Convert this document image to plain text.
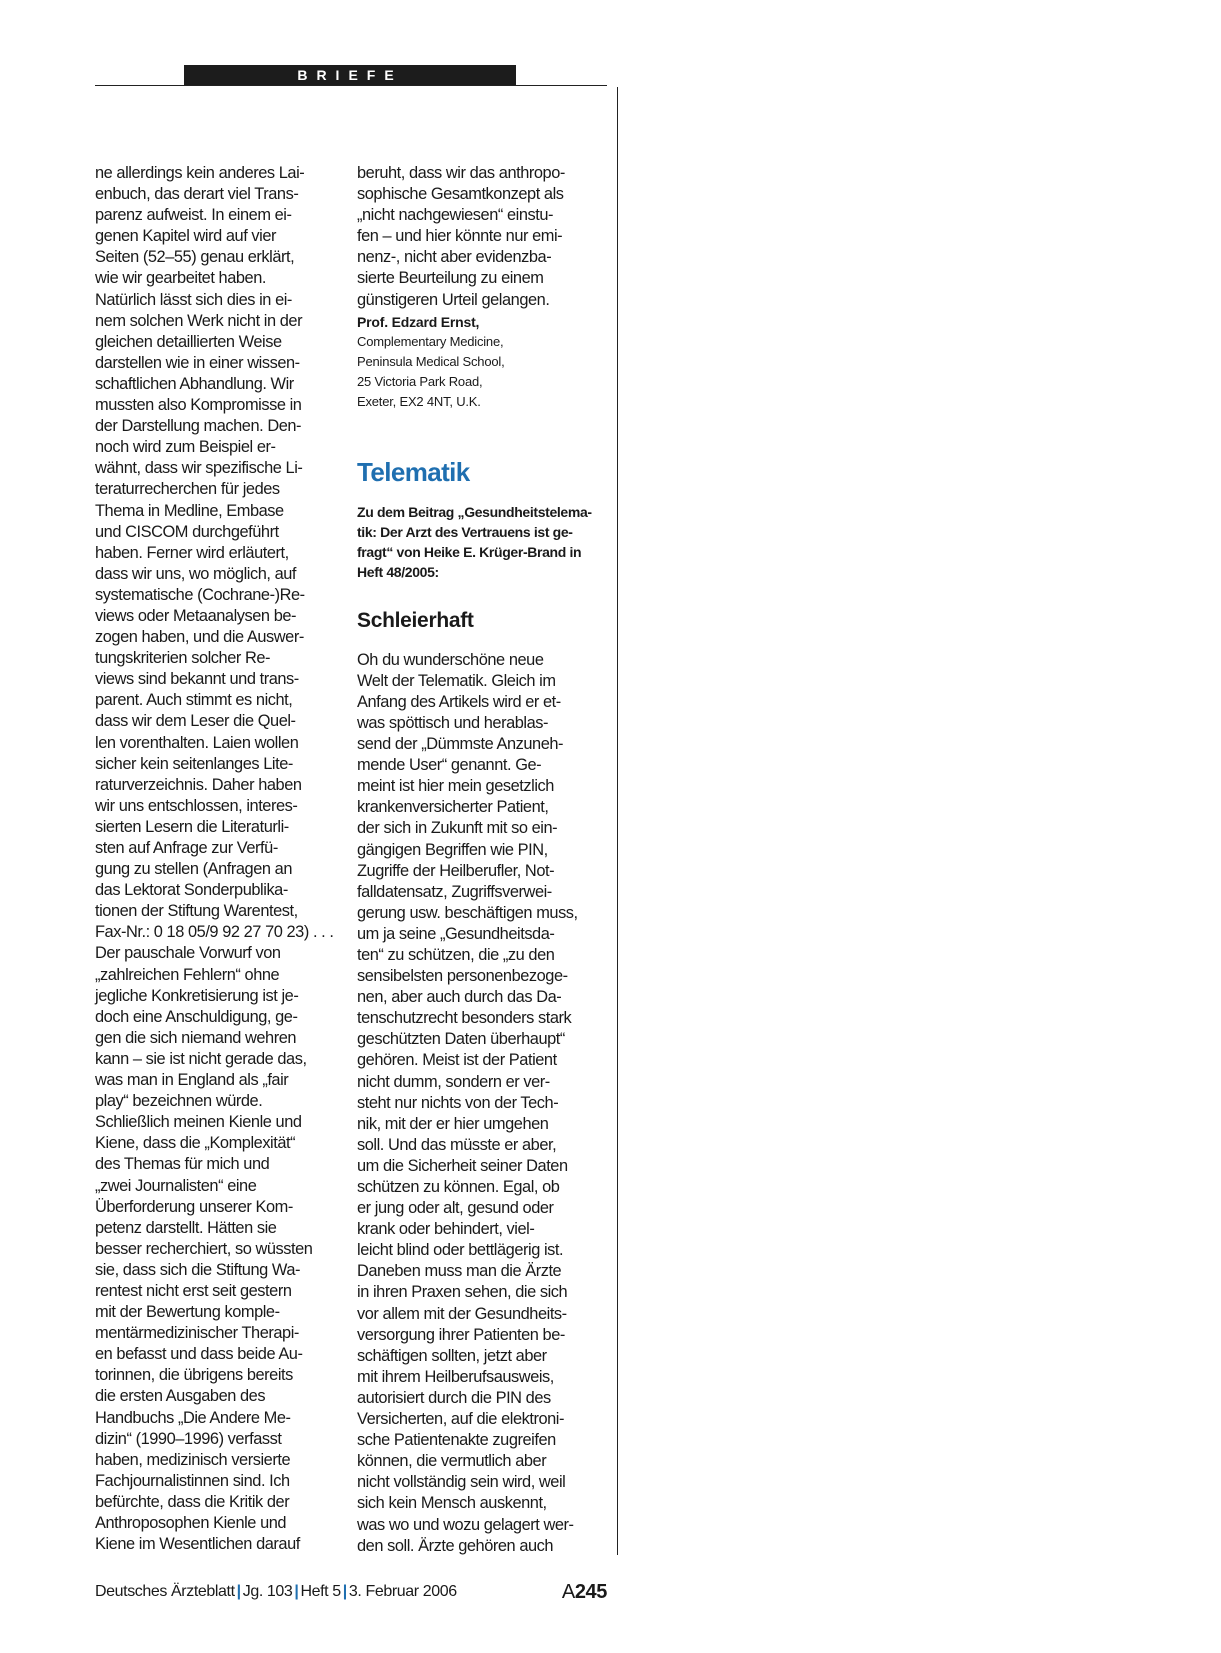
BRIEFE
ne allerdings kein anderes Lai-
enbuch, das derart viel Trans-
parenz aufweist. In einem ei-
genen Kapitel wird auf vier
Seiten (52–55) genau erklärt,
wie wir gearbeitet haben.
Natürlich lässt sich dies in ei-
nem solchen Werk nicht in der
gleichen detaillierten Weise
darstellen wie in einer wissen-
schaftlichen Abhandlung. Wir
mussten also Kompromisse in
der Darstellung machen. Den-
noch wird zum Beispiel er-
wähnt, dass wir spezifische Li-
teraturrecherchen für jedes
Thema in Medline, Embase
und CISCOM durchgeführt
haben. Ferner wird erläutert,
dass wir uns, wo möglich, auf
systematische (Cochrane-)Re-
views oder Metaanalysen be-
zogen haben, und die Auswer-
tungskriterien solcher Re-
views sind bekannt und trans-
parent. Auch stimmt es nicht,
dass wir dem Leser die Quel-
len vorenthalten. Laien wollen
sicher kein seitenlanges Lite-
raturverzeichnis. Daher haben
wir uns entschlossen, interes-
sierten Lesern die Literaturli-
sten auf Anfrage zur Verfü-
gung zu stellen (Anfragen an
das Lektorat Sonderpublika-
tionen der Stiftung Warentest,
Fax-Nr.: 0 18 05/9 92 27 70 23) . . .
Der pauschale Vorwurf von
„zahlreichen Fehlern“ ohne
jegliche Konkretisierung ist je-
doch eine Anschuldigung, ge-
gen die sich niemand wehren
kann – sie ist nicht gerade das,
was man in England als „fair
play“ bezeichnen würde.
Schließlich meinen Kienle und
Kiene, dass die „Komplexität“
des Themas für mich und
„zwei Journalisten“ eine
Überforderung unserer Kom-
petenz darstellt. Hätten sie
besser recherchiert, so wüssten
sie, dass sich die Stiftung Wa-
rentest nicht erst seit gestern
mit der Bewertung komple-
mentärmedizinischer Therapi-
en befasst und dass beide Au-
torinnen, die übrigens bereits
die ersten Ausgaben des
Handbuchs „Die Andere Me-
dizin“ (1990–1996) verfasst
haben, medizinisch versierte
Fachjournalistinnen sind. Ich
befürchte, dass die Kritik der
Anthroposophen Kienle und
Kiene im Wesentlichen darauf
beruht, dass wir das anthropo-
sophische Gesamtkonzept als
„nicht nachgewiesen“ einstu-
fen – und hier könnte nur emi-
nenz-, nicht aber evidenzba-
sierte Beurteilung zu einem
günstigeren Urteil gelangen.
Prof. Edzard Ernst,
Complementary Medicine,
Peninsula Medical School,
25 Victoria Park Road,
Exeter, EX2 4NT, U.K.
Telematik
Zu dem Beitrag „Gesundheitstelema-
tik: Der Arzt des Vertrauens ist ge-
fragt“ von Heike E. Krüger-Brand in
Heft 48/2005:
Schleierhaft
Oh du wunderschöne neue
Welt der Telematik. Gleich im
Anfang des Artikels wird er et-
was spöttisch und herablas-
send der „Dümmste Anzuneh-
mende User“ genannt. Ge-
meint ist hier mein gesetzlich
krankenversicherter Patient,
der sich in Zukunft mit so ein-
gängigen Begriffen wie PIN,
Zugriffe der Heilberufler, Not-
falldatensatz, Zugriffsverwei-
gerung usw. beschäftigen muss,
um ja seine „Gesundheitsda-
ten“ zu schützen, die „zu den
sensibelsten personenbezoge-
nen, aber auch durch das Da-
tenschutzrecht besonders stark
geschützten Daten überhaupt“
gehören. Meist ist der Patient
nicht dumm, sondern er ver-
steht nur nichts von der Tech-
nik, mit der er hier umgehen
soll. Und das müsste er aber,
um die Sicherheit seiner Daten
schützen zu können. Egal, ob
er jung oder alt, gesund oder
krank oder behindert, viel-
leicht blind oder bettlägerig ist.
Daneben muss man die Ärzte
in ihren Praxen sehen, die sich
vor allem mit der Gesundheits-
versorgung ihrer Patienten be-
schäftigen sollten, jetzt aber
mit ihrem Heilberufsausweis,
autorisiert durch die PIN des
Versicherten, auf die elektroni-
sche Patientenakte zugreifen
können, die vermutlich aber
nicht vollständig sein wird, weil
sich kein Mensch auskennt,
was wo und wozu gelagert wer-
den soll. Ärzte gehören auch
Deutsches Ärzteblatt | Jg. 103 | Heft 5 | 3. Februar 2006	A245
